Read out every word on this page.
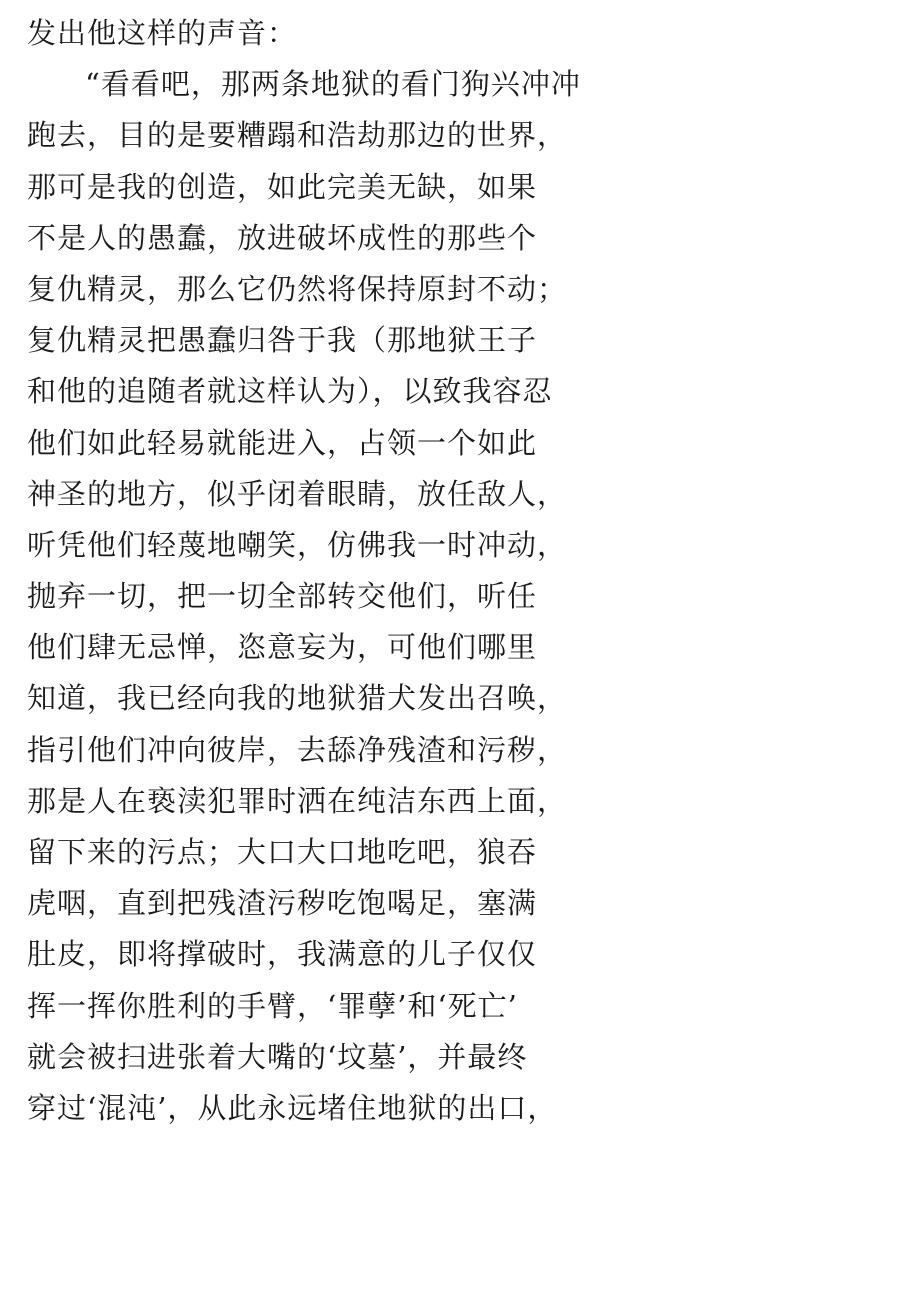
发出他这样的声音：
“看看吧，那两条地狱的看门狗兴冲冲
跑去，目的是要糟蹋和浩劫那边的世界，
那可是我的创造，如此完美无缺，如果
不是人的愚蠢，放进破坏成性的那些个
复仇精灵，那么它仍然将保持原封不动；
复仇精灵把愚蠢归咎于我（那地狱王子
和他的追随者就这样认为），以致我容忍
他们如此轻易就能进入，占领一个如此
神圣的地方，似乎闭着眼睛，放任敌人，
听凭他们轻蔑地嘲笑，仿佛我一时冲动，
抛弃一切，把一切全部转交他们，听任
他们肆无忌惮，恣意妄为，可他们哪里
知道，我已经向我的地狱猎犬发出召唤，
指引他们冲向彼岸，去舔净残渣和污秽，
那是人在亵渎犯罪时洒在纯洁东西上面，
留下来的污点；大口大口地吃吧，狼吞
虎咽，直到把残渣污秽吃饱喝足，塞满
肚皮，即将撑破时，我满意的儿子仅仅
挥一挥你胜利的手臂，‘罪孽’和‘死亡’
就会被扫进张着大嘴的‘坟墓’，并最终
穿过‘混沌’，从此永远堵住地狱的出口，
